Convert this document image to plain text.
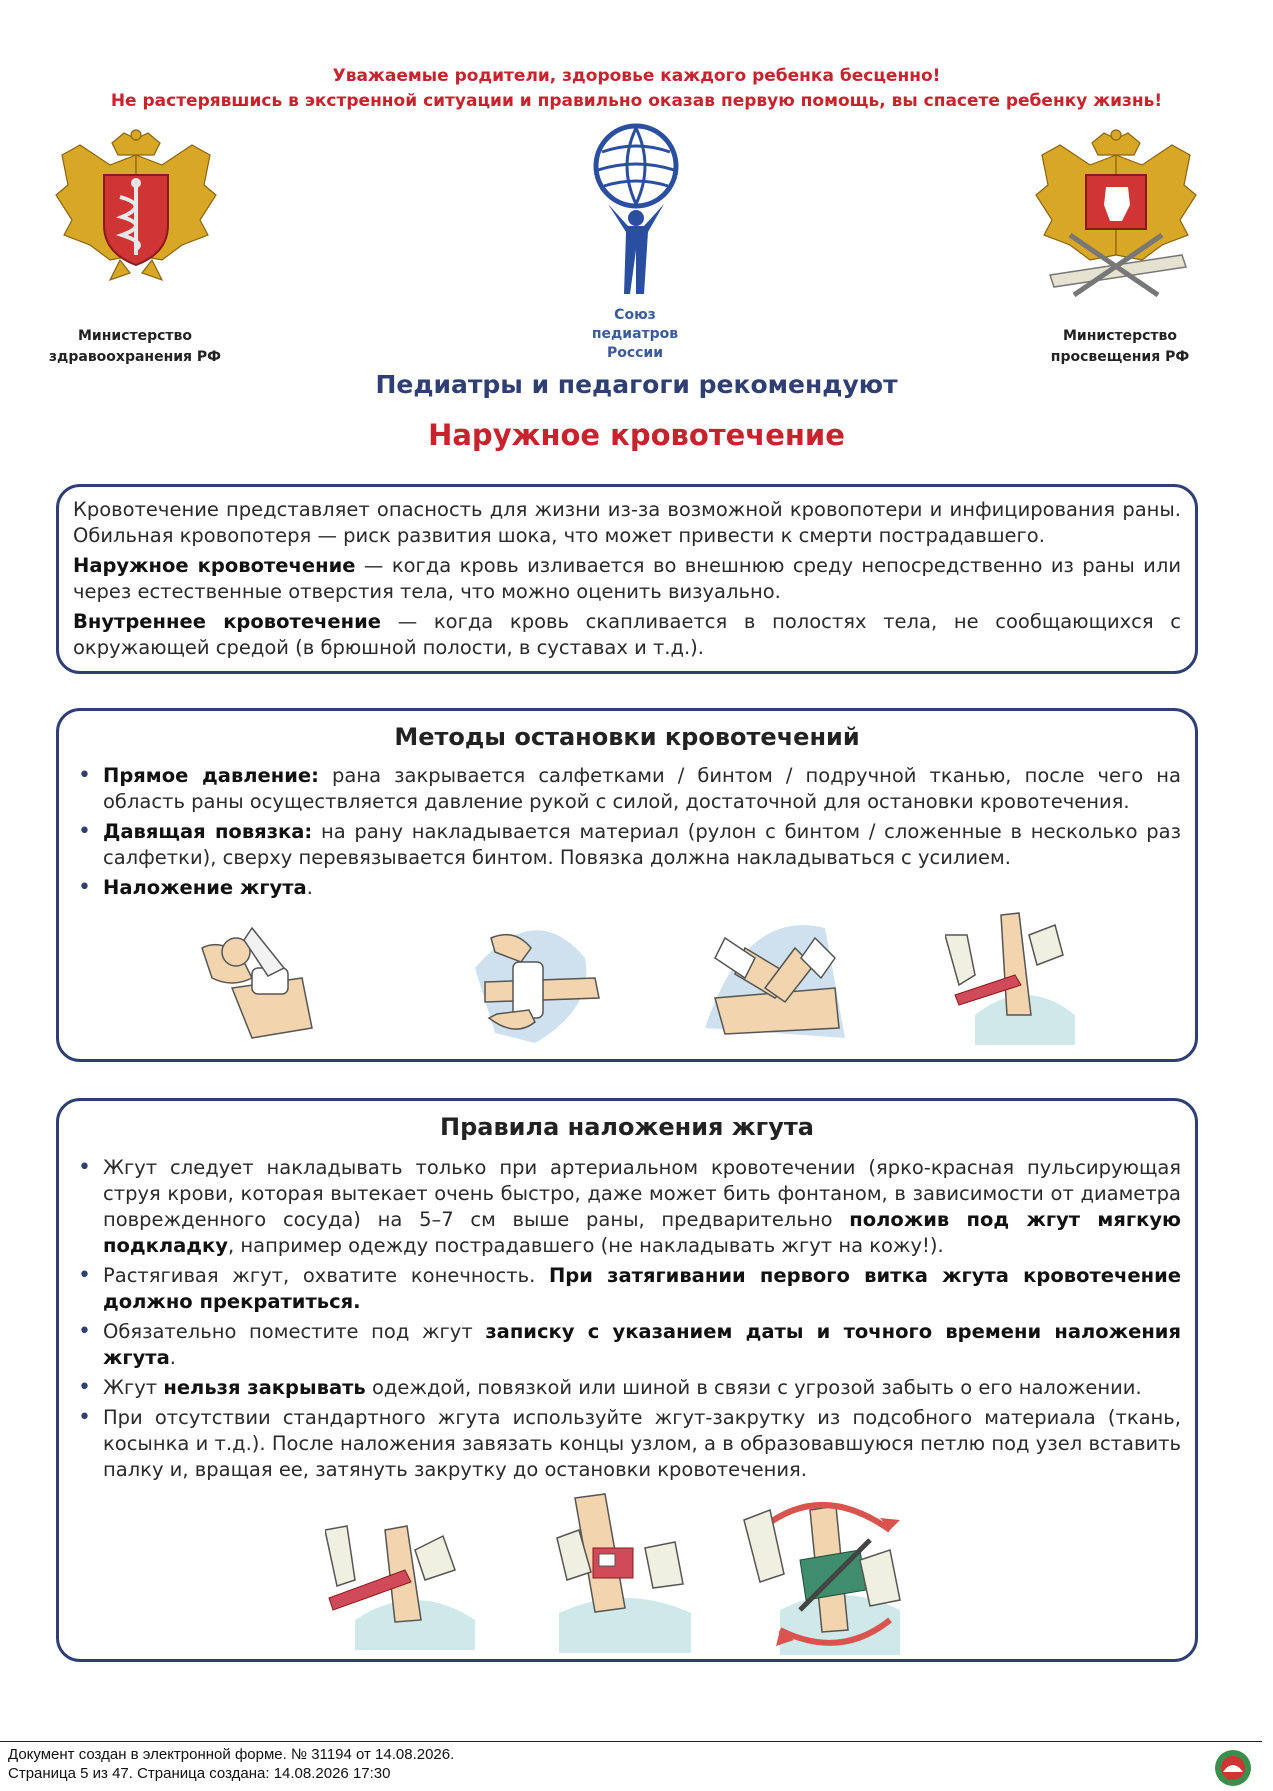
Уважаемые родители, здоровье каждого ребенка бесценно!
Не растерявшись в экстренной ситуации и правильно оказав первую помощь, вы спасете ребенку жизнь!
Министерство
здравоохранения РФ
Союз
педиатров
России
Министерство
просвещения РФ
Педиатры и педагоги рекомендуют
Наружное кровотечение

Кровотечение представляет опасность для жизни из-за возможной кровопотери и инфицирования раны. Обильная кровопотеря — риск развития шока, что может привести к смерти пострадавшего.

Наружное кровотечение — когда кровь изливается во внешнюю среду непосредственно из раны или через естественные отверстия тела, что можно оценить визуально.

Внутреннее кровотечение — когда кровь скапливается в полостях тела, не сообщающихся с окружающей средой (в брюшной полости, в суставах и т.д.).

Методы остановки кровотечений
• Прямое давление: рана закрывается салфетками / бинтом / подручной тканью, после чего на область раны осуществляется давление рукой с силой, достаточной для остановки кровотечения.
• Давящая повязка: на рану накладывается материал (рулон с бинтом / сложенные в несколько раз салфетки), сверху перевязывается бинтом. Повязка должна накладываться с усилием.
• Наложение жгута.
Правила наложения жгута
• Жгут следует накладывать только при артериальном кровотечении (ярко-красная пульсирующая струя крови, которая вытекает очень быстро, даже может бить фонтаном, в зависимости от диаметра поврежденного сосуда) на 5–7 см выше раны, предварительно положив под жгут мягкую подкладку, например одежду пострадавшего (не накладывать жгут на кожу!).
• Растягивая жгут, охватите конечность. При затягивании первого витка жгута кровотечение должно прекратиться.
• Обязательно поместите под жгут записку с указанием даты и точного времени наложения жгута.
• Жгут нельзя закрывать одеждой, повязкой или шиной в связи с угрозой забыть о его наложении.
• При отсутствии стандартного жгута используйте жгут-закрутку из подсобного материала (ткань, косынка и т.д.). После наложения завязать концы узлом, а в образовавшуюся петлю под узел вставить палку и, вращая ее, затянуть закрутку до остановки кровотечения.
Документ создан в электронной форме. № 31194 от 14.08.2026.
Страница 5 из 47. Страница создана: 14.08.2026 17:30
